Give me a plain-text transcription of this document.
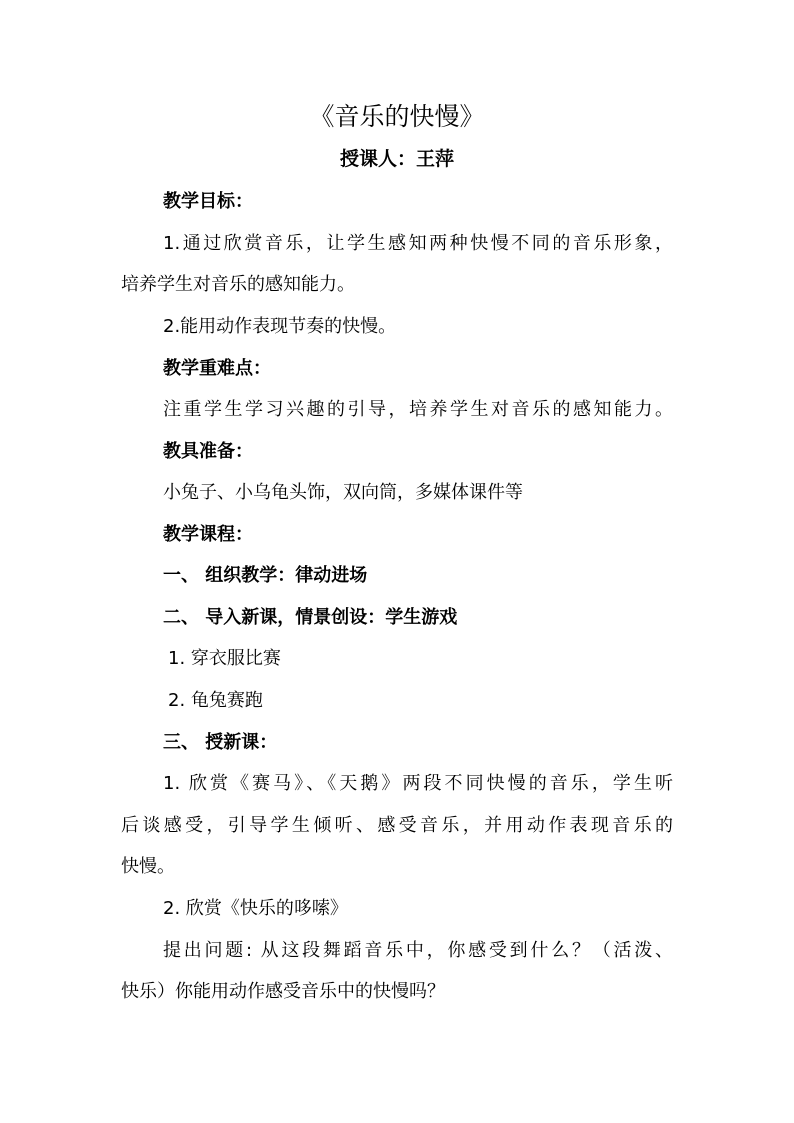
《音乐的快慢》
授课人：王萍
教学目标：
1.通过欣赏音乐，让学生感知两种快慢不同的音乐形象，
培养学生对音乐的感知能力。
2.能用动作表现节奏的快慢。
教学重难点：
注重学生学习兴趣的引导，培养学生对音乐的感知能力。
教具准备：
小兔子、小乌龟头饰，双向筒，多媒体课件等
教学课程：
一、 组织教学：律动进场
二、 导入新课，情景创设：学生游戏
1. 穿衣服比赛
2. 龟兔赛跑
三、 授新课：
1. 欣赏《赛马》、《天鹅》两段不同快慢的音乐，学生听
后谈感受，引导学生倾听、感受音乐，并用动作表现音乐的
快慢。
2. 欣赏《快乐的哆嗦》
提出问题: 从这段舞蹈音乐中，你感受到什么？（活泼、
快乐）你能用动作感受音乐中的快慢吗？
